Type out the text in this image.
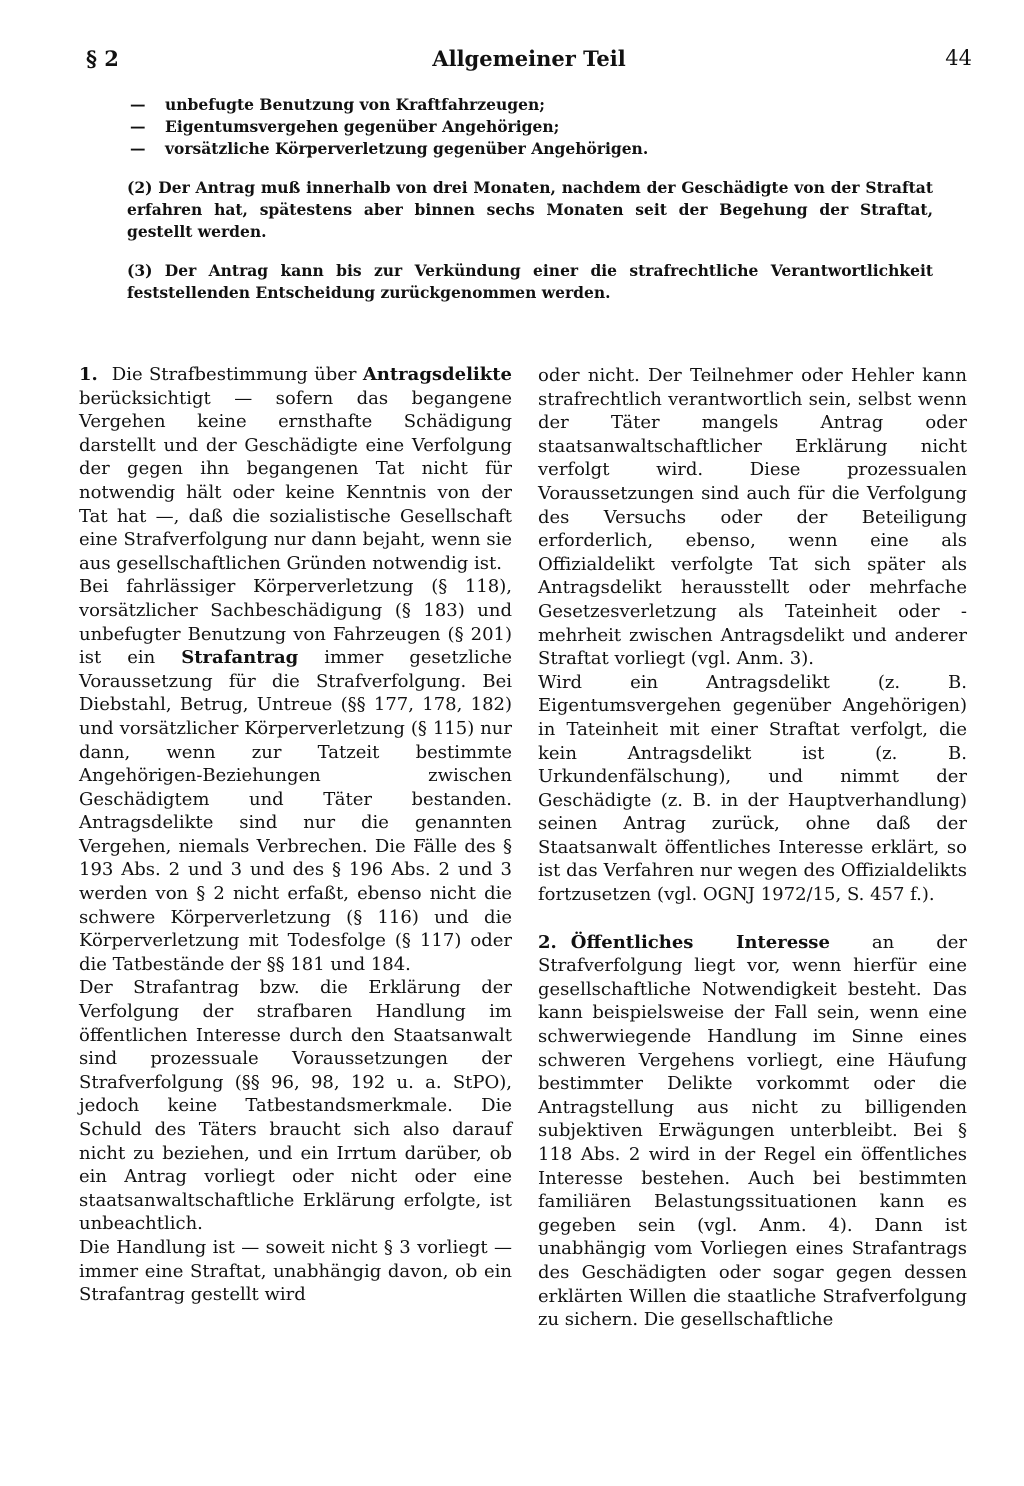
§ 2	Allgemeiner Teil	44
— unbefugte Benutzung von Kraftfahrzeugen;
— Eigentumsvergehen gegenüber Angehörigen;
— vorsätzliche Körperverletzung gegenüber Angehörigen.

(2) Der Antrag muß innerhalb von drei Monaten, nachdem der Geschädigte von der Straftat erfahren hat, spätestens aber binnen sechs Monaten seit der Begehung der Straftat, gestellt werden.

(3) Der Antrag kann bis zur Verkündung einer die strafrechtliche Verantwortlichkeit feststellenden Entscheidung zurückgenommen werden.

1. Die Strafbestimmung über Antragsdelikte berücksichtigt — sofern das begangene Vergehen keine ernsthafte Schädigung darstellt und der Geschädigte eine Verfolgung der gegen ihn begangenen Tat nicht für notwendig hält oder keine Kenntnis von der Tat hat —, daß die sozialistische Gesellschaft eine Strafverfolgung nur dann bejaht, wenn sie aus gesellschaftlichen Gründen notwendig ist.

Bei fahrlässiger Körperverletzung (§ 118), vorsätzlicher Sachbeschädigung (§ 183) und unbefugter Benutzung von Fahrzeugen (§ 201) ist ein Strafantrag immer gesetzliche Voraussetzung für die Strafverfolgung. Bei Diebstahl, Betrug, Untreue (§§ 177, 178, 182) und vorsätzlicher Körperverletzung (§ 115) nur dann, wenn zur Tatzeit bestimmte Angehörigen-Beziehungen zwischen Geschädigtem und Täter bestanden. Antragsdelikte sind nur die genannten Vergehen, niemals Verbrechen. Die Fälle des § 193 Abs. 2 und 3 und des § 196 Abs. 2 und 3 werden von § 2 nicht erfaßt, ebenso nicht die schwere Körperverletzung (§ 116) und die Körperverletzung mit Todesfolge (§ 117) oder die Tatbestände der §§ 181 und 184.

Der Strafantrag bzw. die Erklärung der Verfolgung der strafbaren Handlung im öffentlichen Interesse durch den Staatsanwalt sind prozessuale Voraussetzungen der Strafverfolgung (§§ 96, 98, 192 u. a. StPO), jedoch keine Tatbestandsmerkmale. Die Schuld des Täters braucht sich also darauf nicht zu beziehen, und ein Irrtum darüber, ob ein Antrag vorliegt oder nicht oder eine staatsanwaltschaftliche Erklärung erfolgte, ist unbeachtlich.

Die Handlung ist — soweit nicht § 3 vorliegt — immer eine Straftat, unabhängig davon, ob ein Strafantrag gestellt wird

oder nicht. Der Teilnehmer oder Hehler kann strafrechtlich verantwortlich sein, selbst wenn der Täter mangels Antrag oder staatsanwaltschaftlicher Erklärung nicht verfolgt wird. Diese prozessualen Voraussetzungen sind auch für die Verfolgung des Versuchs oder der Beteiligung erforderlich, ebenso, wenn eine als Offizialdelikt verfolgte Tat sich später als Antragsdelikt herausstellt oder mehrfache Gesetzesverletzung als Tateinheit oder -mehrheit zwischen Antragsdelikt und anderer Straftat vorliegt (vgl. Anm. 3).

Wird ein Antragsdelikt (z. B. Eigentumsvergehen gegenüber Angehörigen) in Tateinheit mit einer Straftat verfolgt, die kein Antragsdelikt ist (z. B. Urkundenfälschung), und nimmt der Geschädigte (z. B. in der Hauptverhandlung) seinen Antrag zurück, ohne daß der Staatsanwalt öffentliches Interesse erklärt, so ist das Verfahren nur wegen des Offizialdelikts fortzusetzen (vgl. OGNJ 1972/15, S. 457 f.).

2. Öffentliches Interesse an der Strafverfolgung liegt vor, wenn hierfür eine gesellschaftliche Notwendigkeit besteht. Das kann beispielsweise der Fall sein, wenn eine schwerwiegende Handlung im Sinne eines schweren Vergehens vorliegt, eine Häufung bestimmter Delikte vorkommt oder die Antragstellung aus nicht zu billigenden subjektiven Erwägungen unterbleibt. Bei § 118 Abs. 2 wird in der Regel ein öffentliches Interesse bestehen. Auch bei bestimmten familiären Belastungssituationen kann es gegeben sein (vgl. Anm. 4). Dann ist unabhängig vom Vorliegen eines Strafantrags des Geschädigten oder sogar gegen dessen erklärten Willen die staatliche Strafverfolgung zu sichern. Die gesellschaftliche
